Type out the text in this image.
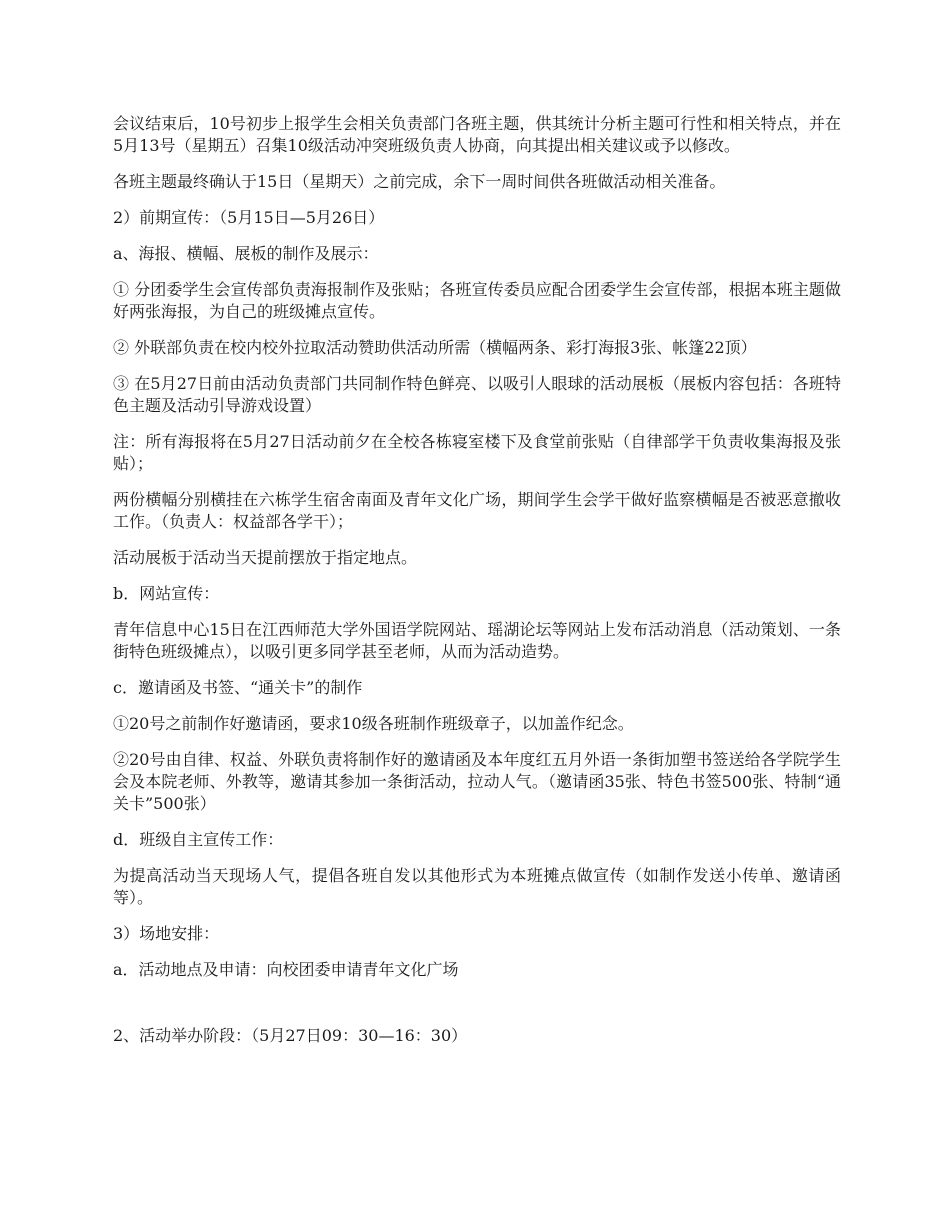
会议结束后，10号初步上报学生会相关负责部门各班主题，供其统计分析主题可行性和相关特点，并在5月13号（星期五）召集10级活动冲突班级负责人协商，向其提出相关建议或予以修改。

各班主题最终确认于15日（星期天）之前完成，余下一周时间供各班做活动相关准备。

2）前期宣传：（5月15日—5月26日）

a、海报、横幅、展板的制作及展示：

① 分团委学生会宣传部负责海报制作及张贴；各班宣传委员应配合团委学生会宣传部，根据本班主题做好两张海报，为自己的班级摊点宣传。

② 外联部负责在校内校外拉取活动赞助供活动所需（横幅两条、彩打海报3张、帐篷22顶）

③ 在5月27日前由活动负责部门共同制作特色鲜亮、以吸引人眼球的活动展板（展板内容包括：各班特色主题及活动引导游戏设置）

注：所有海报将在5月27日活动前夕在全校各栋寝室楼下及食堂前张贴（自律部学干负责收集海报及张贴）；

两份横幅分别横挂在六栋学生宿舍南面及青年文化广场，期间学生会学干做好监察横幅是否被恶意撤收工作。（负责人：权益部各学干）；

活动展板于活动当天提前摆放于指定地点。

b．网站宣传：

青年信息中心15日在江西师范大学外国语学院网站、瑶湖论坛等网站上发布活动消息（活动策划、一条街特色班级摊点），以吸引更多同学甚至老师，从而为活动造势。

c．邀请函及书签、“通关卡”的制作

①20号之前制作好邀请函，要求10级各班制作班级章子，以加盖作纪念。

②20号由自律、权益、外联负责将制作好的邀请函及本年度红五月外语一条街加塑书签送给各学院学生会及本院老师、外教等，邀请其参加一条街活动，拉动人气。（邀请函35张、特色书签500张、特制“通关卡”500张）

d．班级自主宣传工作：

为提高活动当天现场人气，提倡各班自发以其他形式为本班摊点做宣传（如制作发送小传单、邀请函等）。

3）场地安排：

a．活动地点及申请：向校团委申请青年文化广场

2、活动举办阶段：（5月27日09：30—16：30）
